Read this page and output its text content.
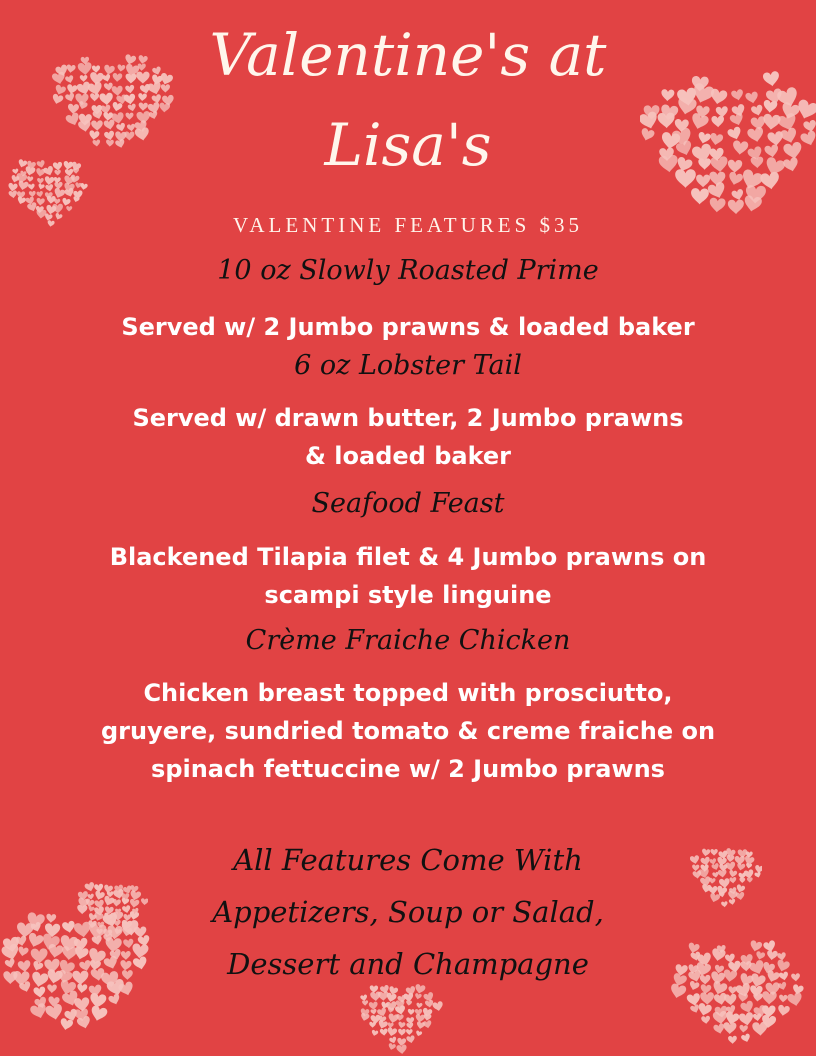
Valentine's at
Lisa's
VALENTINE FEATURES $35
10 oz Slowly Roasted Prime
Served w/ 2 Jumbo prawns & loaded baker
6 oz Lobster Tail
Served w/ drawn butter, 2 Jumbo prawns
& loaded baker
Seafood Feast
Blackened Tilapia filet & 4 Jumbo prawns on
scampi style linguine
Crème Fraiche Chicken
Chicken breast topped with prosciutto,
gruyere, sundried tomato & creme fraiche on
spinach fettuccine w/ 2 Jumbo prawns
All Features Come With
Appetizers, Soup or Salad,
Dessert and Champagne
